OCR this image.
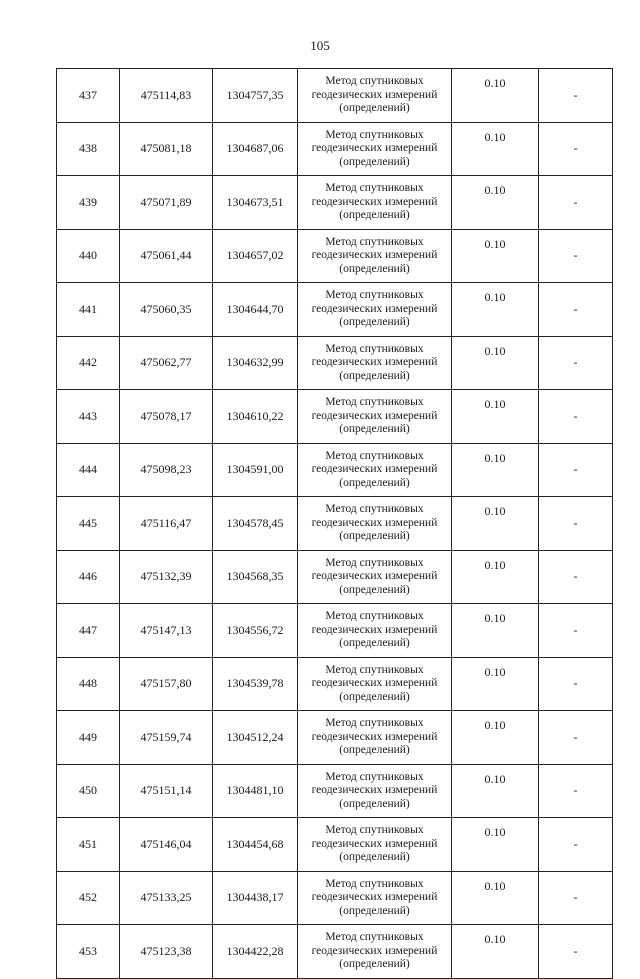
105
437	475114,83	1304757,35	Метод спутниковых геодезических измерений (определений)	0.10	-
438	475081,18	1304687,06	Метод спутниковых геодезических измерений (определений)	0.10	-
439	475071,89	1304673,51	Метод спутниковых геодезических измерений (определений)	0.10	-
440	475061,44	1304657,02	Метод спутниковых геодезических измерений (определений)	0.10	-
441	475060,35	1304644,70	Метод спутниковых геодезических измерений (определений)	0.10	-
442	475062,77	1304632,99	Метод спутниковых геодезических измерений (определений)	0.10	-
443	475078,17	1304610,22	Метод спутниковых геодезических измерений (определений)	0.10	-
444	475098,23	1304591,00	Метод спутниковых геодезических измерений (определений)	0.10	-
445	475116,47	1304578,45	Метод спутниковых геодезических измерений (определений)	0.10	-
446	475132,39	1304568,35	Метод спутниковых геодезических измерений (определений)	0.10	-
447	475147,13	1304556,72	Метод спутниковых геодезических измерений (определений)	0.10	-
448	475157,80	1304539,78	Метод спутниковых геодезических измерений (определений)	0.10	-
449	475159,74	1304512,24	Метод спутниковых геодезических измерений (определений)	0.10	-
450	475151,14	1304481,10	Метод спутниковых геодезических измерений (определений)	0.10	-
451	475146,04	1304454,68	Метод спутниковых геодезических измерений (определений)	0.10	-
452	475133,25	1304438,17	Метод спутниковых геодезических измерений (определений)	0.10	-
453	475123,38	1304422,28	Метод спутниковых геодезических измерений (определений)	0.10	-
